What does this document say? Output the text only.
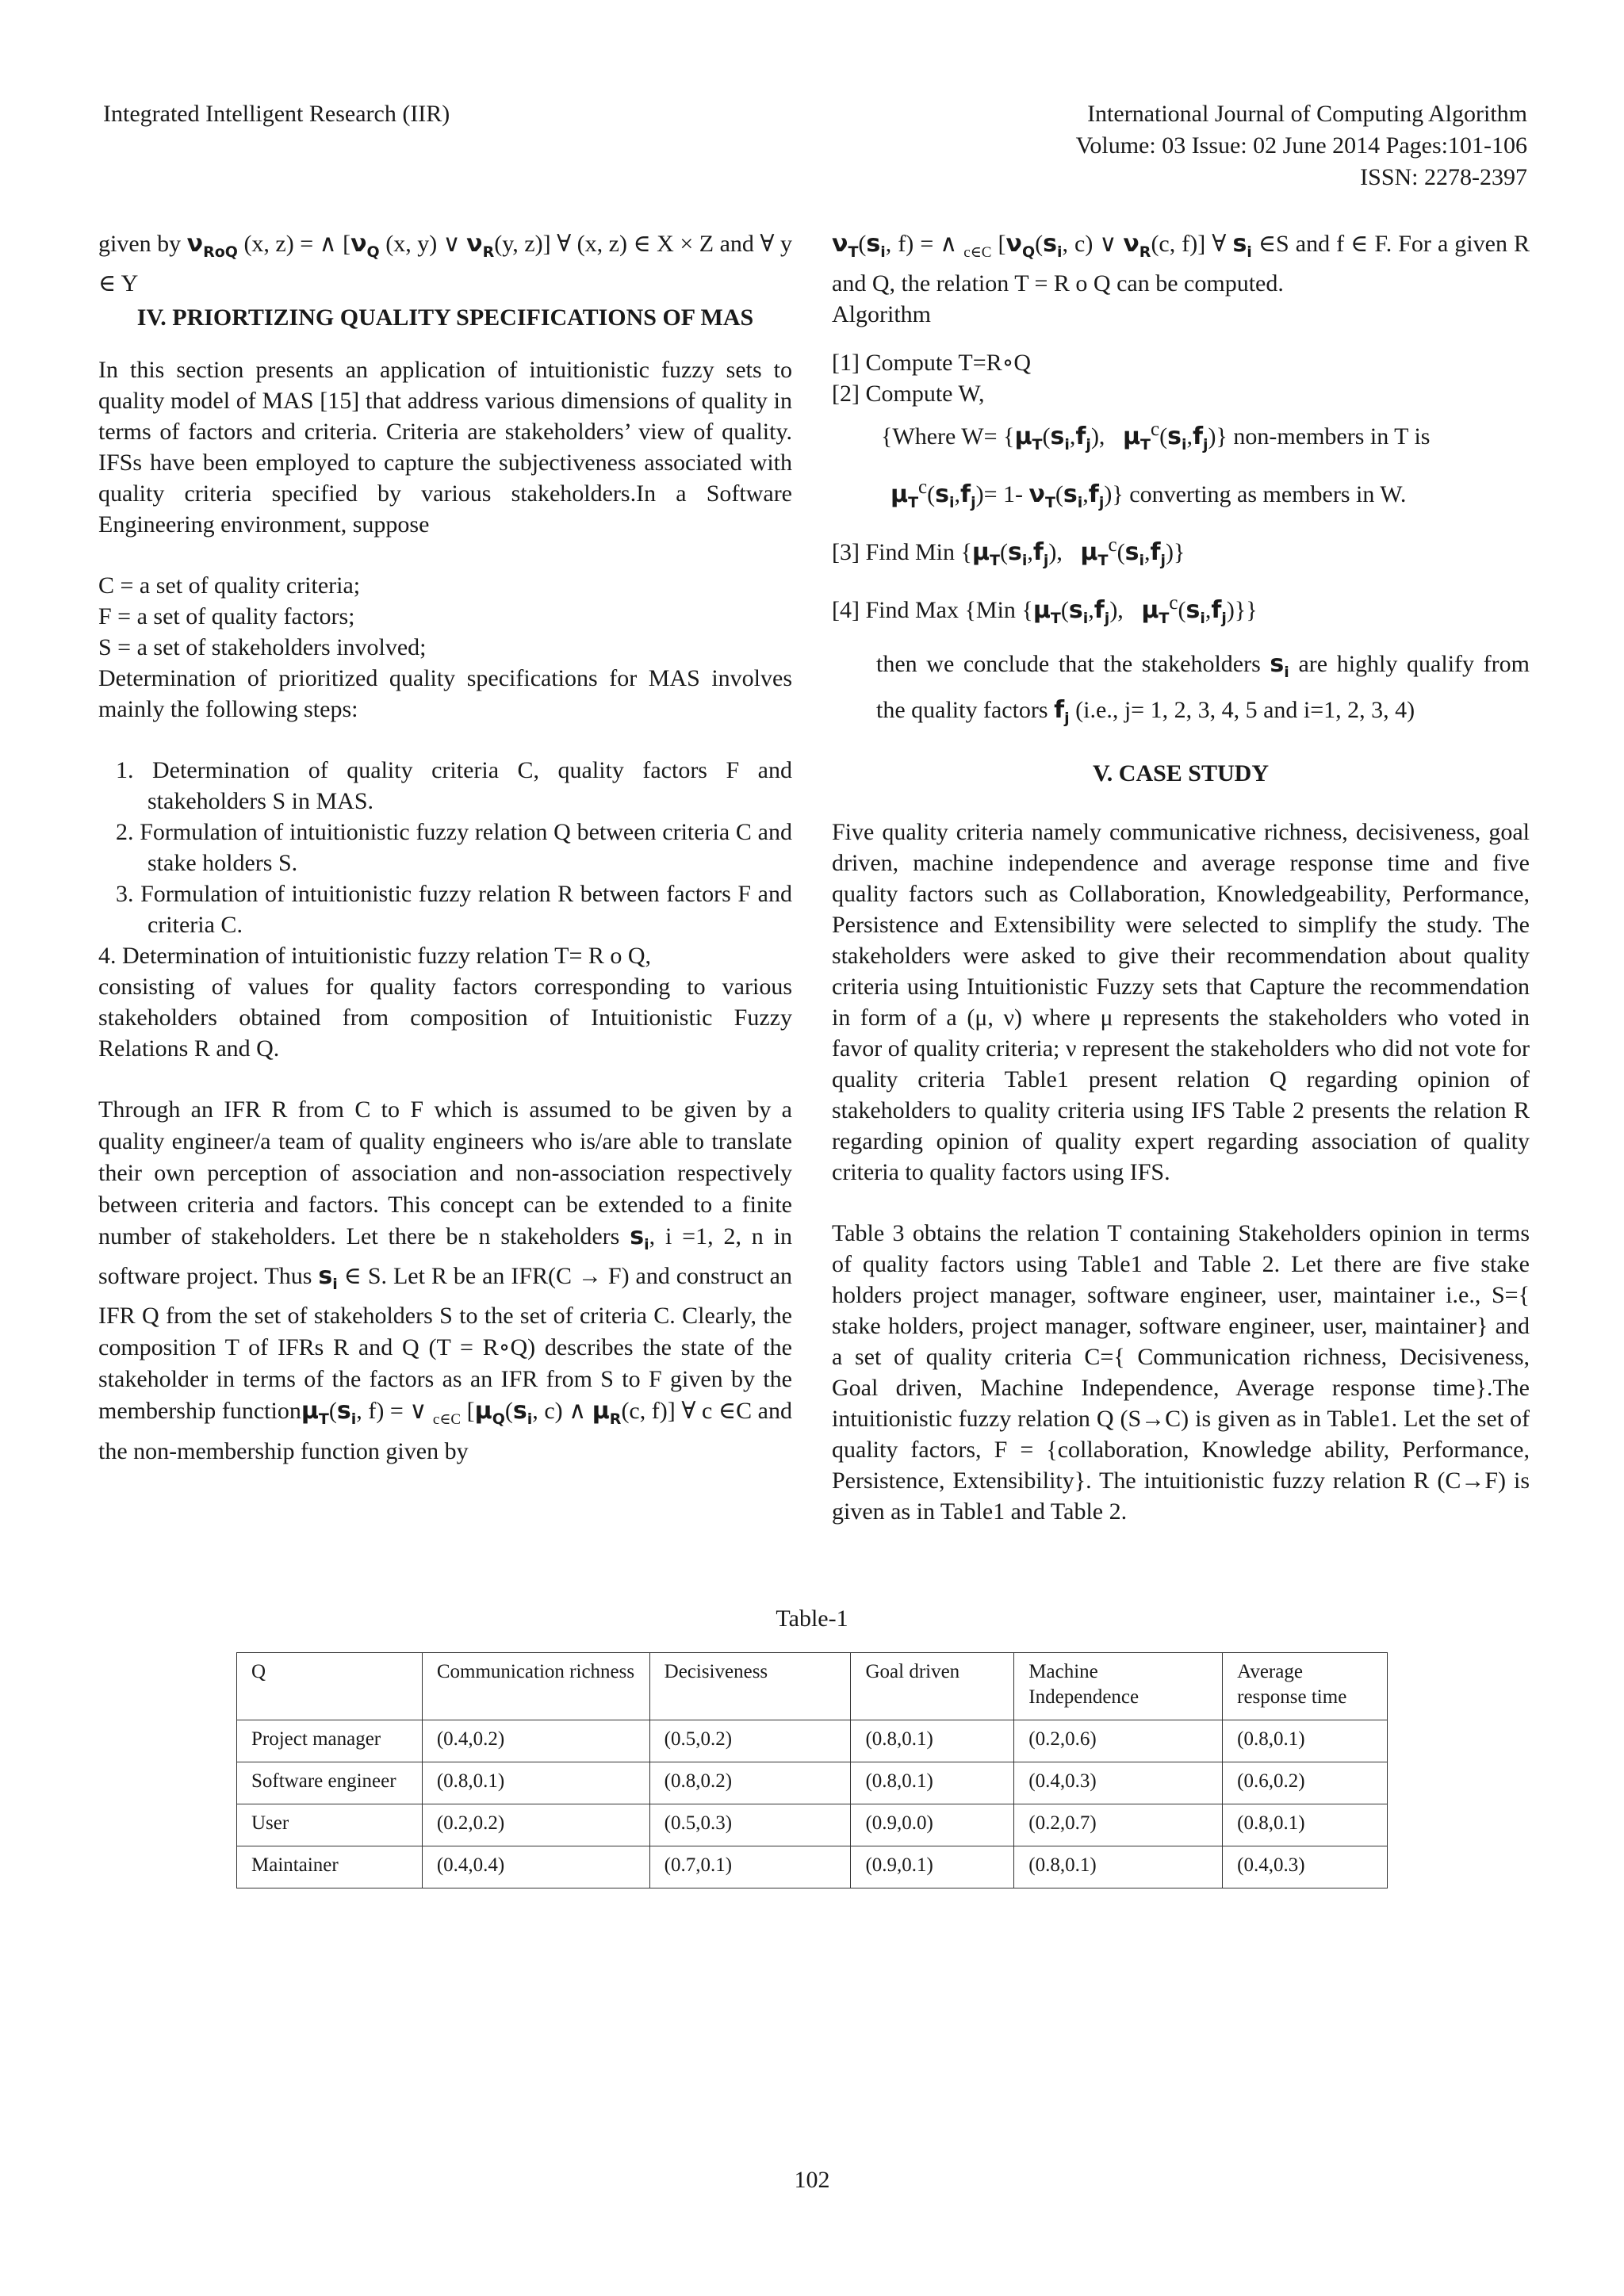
Integrated Intelligent Research (IIR)	International Journal of Computing Algorithm
Volume: 03 Issue: 02 June 2014 Pages:101-106
ISSN: 2278-2397

given by $\nu_{RoQ}$ (x, z) = ∧ [$\nu_Q$ (x, y) ∨ $\nu_R(y$, z)] ∀ (x, z) ∈ X × Z and ∀ y ∈ Y

IV. PRIORTIZING QUALITY SPECIFICATIONS OF MAS

In this section presents an application of intuitionistic fuzzy sets to quality model of MAS [15] that address various dimensions of quality in terms of factors and criteria. Criteria are stakeholders’ view of quality. IFSs have been employed to capture the subjectiveness associated with quality criteria specified by various stakeholders.In a Software Engineering environment, suppose

C = a set of quality criteria;

F = a set of quality factors;

S = a set of stakeholders involved;

Determination of prioritized quality specifications for MAS involves mainly the following steps:

1. Determination of quality criteria C, quality factors F and stakeholders S in MAS.

2. Formulation of intuitionistic fuzzy relation Q between criteria C and stake holders S.

3. Formulation of intuitionistic fuzzy relation R between factors F and criteria C.

4. Determination of intuitionistic fuzzy relation T= R o Q,

consisting of values for quality factors corresponding to various stakeholders obtained from composition of Intuitionistic Fuzzy Relations R and Q.

Through an IFR R from C to F which is assumed to be given by a quality engineer/a team of quality engineers who is/are able to translate their own perception of association and non-association respectively between criteria and factors. This concept can be extended to a finite number of stakeholders. Let there be n stakeholders $s_i$, i =1, 2, n in software project. Thus $s_i$ ∈ S. Let R be an IFR(C → F) and construct an IFR Q from the set of stakeholders S to the set of criteria C. Clearly, the composition T of IFRs R and Q (T = R∘Q) describes the state of the stakeholder in terms of the factors as an IFR from S to F given by the membership $function\mu_T(s_i$, f) = ∨ $_{c\in C}$ [$\mu_Q(s_i$, c) ∧ $\mu_R(c$, f)] ∀ c ∈C and the non-membership function given by

$\nu_T(s_i$, f) = ∧ $_{c\in C}$ [$\nu_Q(s_i$, c) ∨ $\nu_R(c$, f)] ∀ $s_i$ ∈S and f ∈ F. For a given R and Q, the relation T = R o Q can be computed.

Algorithm

[1] Compute T=R∘Q

[2] Compute W,

{Where $W= \{\mu_T(s_i,f_j)$,   $\mu_T^c(s_i,f_j)$} non-members in T is

$\mu_T^c(s_i,f_j)= 1-$ $\nu_T(s_i,f_j)$} converting as members in W.

[3] Find Min {$\mu_T(s_i,f_j)$,   $\mu_T^c(s_i,f_j)$}

[4] Find Max {Min {$\mu_T(s_i,f_j)$,   $\mu_T^c(s_i,f_j)$}}

then we conclude that the stakeholders $s_i$ are highly qualify from the quality factors $f_j$ (i.e., j= 1, 2, 3, 4, 5 and i=1, 2, 3, 4)

V. CASE STUDY

Five quality criteria namely communicative richness, decisiveness, goal driven, machine independence and average response time and five quality factors such as Collaboration, Knowledgeability, Performance, Persistence and Extensibility were selected to simplify the study. The stakeholders were asked to give their recommendation about quality criteria using Intuitionistic Fuzzy sets that Capture the recommendation in form of a (μ, ν) where μ represents the stakeholders who voted in favor of quality criteria; ν represent the stakeholders who did not vote for quality criteria Table1 present relation Q regarding opinion of stakeholders to quality criteria using IFS Table 2 presents the relation R regarding opinion of quality expert regarding association of quality criteria to quality factors using IFS.

Table 3 obtains the relation T containing Stakeholders opinion in terms of quality factors using Table1 and Table 2. Let there are five stake holders project manager, software engineer, user, maintainer i.e., S={ stake holders, project manager, software engineer, user, maintainer} and a set of quality criteria C={ Communication richness, Decisiveness, Goal driven, Machine Independence, Average response time}.The intuitionistic fuzzy relation Q (S→C) is given as in Table1. Let the set of quality factors, F = {collaboration, Knowledge ability, Performance, Persistence, Extensibility}. The intuitionistic fuzzy relation R (C→F) is given as in Table1 and Table 2.

Table-1
Q	Communication richness	Decisiveness	Goal driven	Machine Independence	Average response time
Project manager	(0.4,0.2)	(0.5,0.2)	(0.8,0.1)	(0.2,0.6)	(0.8,0.1)
Software engineer	(0.8,0.1)	(0.8,0.2)	(0.8,0.1)	(0.4,0.3)	(0.6,0.2)
User	(0.2,0.2)	(0.5,0.3)	(0.9,0.0)	(0.2,0.7)	(0.8,0.1)
Maintainer	(0.4,0.4)	(0.7,0.1)	(0.9,0.1)	(0.8,0.1)	(0.4,0.3)
102
